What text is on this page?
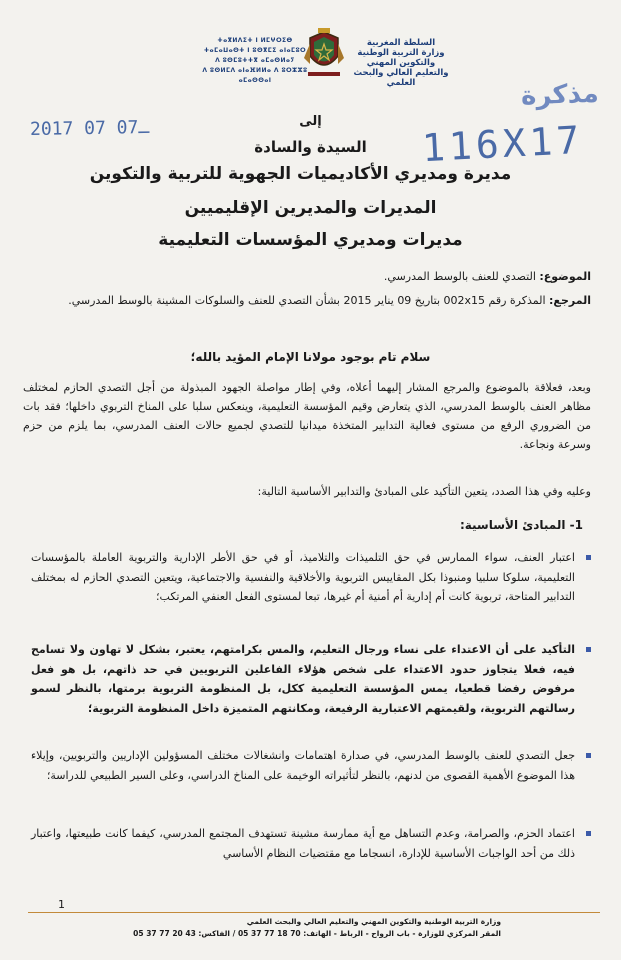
السلطة المغربية
وزارة التربية الوطنية
والتكوين المهني
والتعليم العالي والبحث العلمي
ⵜⴰⴳⵍⴷⵉⵜ ⵏ ⵍⵎⵖⵔⵉⴱ
ⵜⴰⵎⴰⵡⴰⵙⵜ ⵏ ⵓⵙⴳⵎⵉ ⴰⵏⴰⵎⵓⵔ
ⴷ ⵓⵙⵎⵓⵜⵜⴳ ⴰⵎⴰⵙⵍⴰⵢ
ⴷ ⵓⵙⵍⵎⴷ ⴰⵏⴰⴼⵍⵍⴰ ⴷ ⵓⵔⵣⵣⵓ ⴰⵎⴰⵙⵙⴰⵏ	مذكرة
2017 ـ07 07	116X17
إلى
السيدة والسادة
مديرة ومديري الأكاديميات الجهوية للتربية والتكوين
المديرات والمديرين الإقليميين
مديرات ومديري المؤسسات التعليمية
الموضوع: التصدي للعنف بالوسط المدرسي.
المرجع: المذكرة رقم 002x15 بتاريخ 09 يناير 2015 بشأن التصدي للعنف والسلوكات المشينة بالوسط المدرسي.
سلام تام بوجود مولانا الإمام المؤيد بالله؛
وبعد، فعلاقة بالموضوع والمرجع المشار إليهما أعلاه، وفي إطار مواصلة الجهود المبذولة من أجل التصدي الحازم لمختلف مظاهر العنف بالوسط المدرسي، الذي يتعارض وقيم المؤسسة التعليمية، وينعكس سلبا على المناخ التربوي داخلها؛ فقد بات من الضروري الرفع من مستوى فعالية التدابير المتخذة ميدانيا للتصدي لجميع حالات العنف المدرسي، بما يلزم من حزم وسرعة ونجاعة.
وعليه وفي هذا الصدد، يتعين التأكيد على المبادئ والتدابير الأساسية التالية:
1- المبادئ الأساسية:
اعتبار العنف، سواء الممارس في حق التلميذات والتلاميذ، أو في حق الأطر الإدارية والتربوية العاملة بالمؤسسات التعليمية، سلوكا سلبيا ومنبوذا بكل المقاييس التربوية والأخلاقية والنفسية والاجتماعية، ويتعين التصدي الحازم له بمختلف التدابير المتاحة، تربوية كانت أم إدارية أم أمنية أم غيرها، تبعا لمستوى الفعل العنفي المرتكب؛
التأكيد على أن الاعتداء على نساء ورجال التعليم، والمس بكرامتهم، يعتبر، بشكل لا تهاون ولا تسامح فيه، فعلا يتجاوز حدود الاعتداء على شخص هؤلاء الفاعلين التربويين في حد ذاتهم، بل هو فعل مرفوض رفضا قطعيا، يمس المؤسسة التعليمية ككل، بل المنظومة التربوية برمتها، بالنظر لسمو رسالتهم التربوية، ولقيمتهم الاعتبارية الرفيعة، ومكانتهم المتميزة داخل المنظومة التربوية؛
جعل التصدي للعنف بالوسط المدرسي، في صدارة اهتمامات وانشغالات مختلف المسؤولين الإداريين والتربويين، وإيلاء هذا الموضوع الأهمية القصوى من لدنهم، بالنظر لتأثيراته الوخيمة على المناخ الدراسي، وعلى السير الطبيعي للدراسة؛
اعتماد الحزم، والصرامة، وعدم التساهل مع أية ممارسة مشينة تستهدف المجتمع المدرسي، كيفما كانت طبيعتها، واعتبار ذلك من أحد الواجبات الأساسية للإدارة، انسجاما مع مقتضيات النظام الأساسي
1
وزارة التربية الوطنية والتكوين المهني والتعليم العالي والبحث العلمي
المقر المركزي للوزارة - باب الرواح - الرباط - الهاتف: 70 18 77 37 05 / الفاكس: 43 20 77 37 05
